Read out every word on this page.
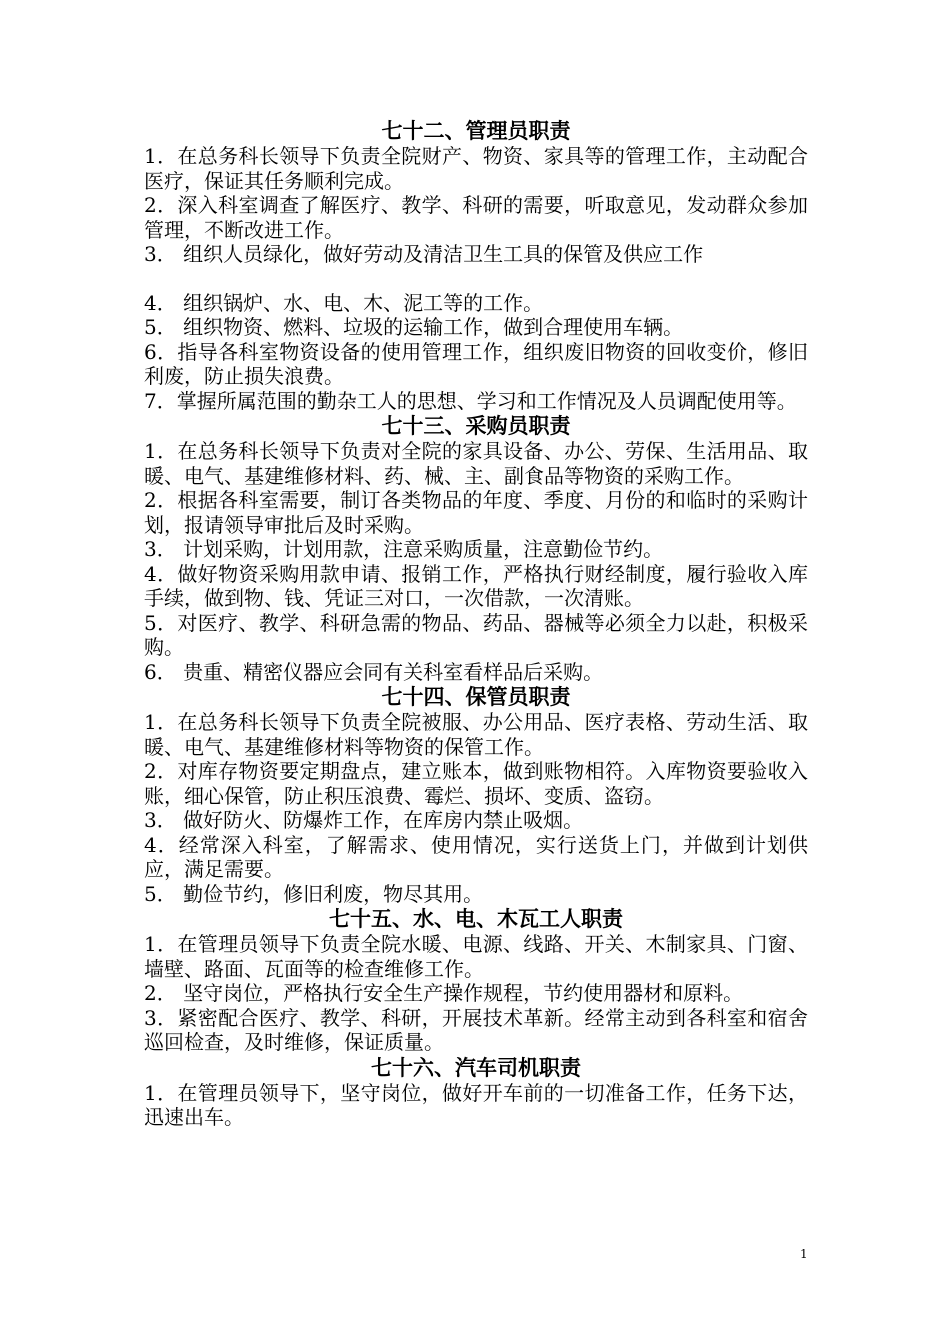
七十二、管理员职责

1．在总务科长领导下负责全院财产、物资、家具等的管理工作，主动配合医疗，保证其任务顺利完成。

2．深入科室调查了解医疗、教学、科研的需要，听取意见，发动群众参加管理，不断改进工作。

3． 组织人员绿化，做好劳动及清洁卫生工具的保管及供应工作

4． 组织锅炉、水、电、木、泥工等的工作。

5． 组织物资、燃料、垃圾的运输工作，做到合理使用车辆。

6．指导各科室物资设备的使用管理工作，组织废旧物资的回收变价，修旧利废，防止损失浪费。

7．掌握所属范围的勤杂工人的思想、学习和工作情况及人员调配使用等。

七十三、采购员职责

1．在总务科长领导下负责对全院的家具设备、办公、劳保、生活用品、取暖、电气、基建维修材料、药、械、主、副食品等物资的采购工作。

2．根据各科室需要，制订各类物品的年度、季度、月份的和临时的采购计划，报请领导审批后及时采购。

3． 计划采购，计划用款，注意采购质量，注意勤俭节约。

4．做好物资采购用款申请、报销工作，严格执行财经制度，履行验收入库手续，做到物、钱、凭证三对口，一次借款，一次清账。

5．对医疗、教学、科研急需的物品、药品、器械等必须全力以赴，积极采购。

6． 贵重、精密仪器应会同有关科室看样品后采购。

七十四、保管员职责

1．在总务科长领导下负责全院被服、办公用品、医疗表格、劳动生活、取暖、电气、基建维修材料等物资的保管工作。

2．对库存物资要定期盘点，建立账本，做到账物相符。入库物资要验收入账，细心保管，防止积压浪费、霉烂、损坏、变质、盗窃。

3． 做好防火、防爆炸工作，在库房内禁止吸烟。

4．经常深入科室，了解需求、使用情况，实行送货上门，并做到计划供应，满足需要。

5． 勤俭节约，修旧利废，物尽其用。

七十五、水、电、木瓦工人职责

1．在管理员领导下负责全院水暖、电源、线路、开关、木制家具、门窗、墙壁、路面、瓦面等的检查维修工作。

2． 坚守岗位，严格执行安全生产操作规程，节约使用器材和原料。

3．紧密配合医疗、教学、科研，开展技术革新。经常主动到各科室和宿舍巡回检查，及时维修，保证质量。

七十六、汽车司机职责

1．在管理员领导下，坚守岗位，做好开车前的一切准备工作，任务下达，迅速出车。

1
